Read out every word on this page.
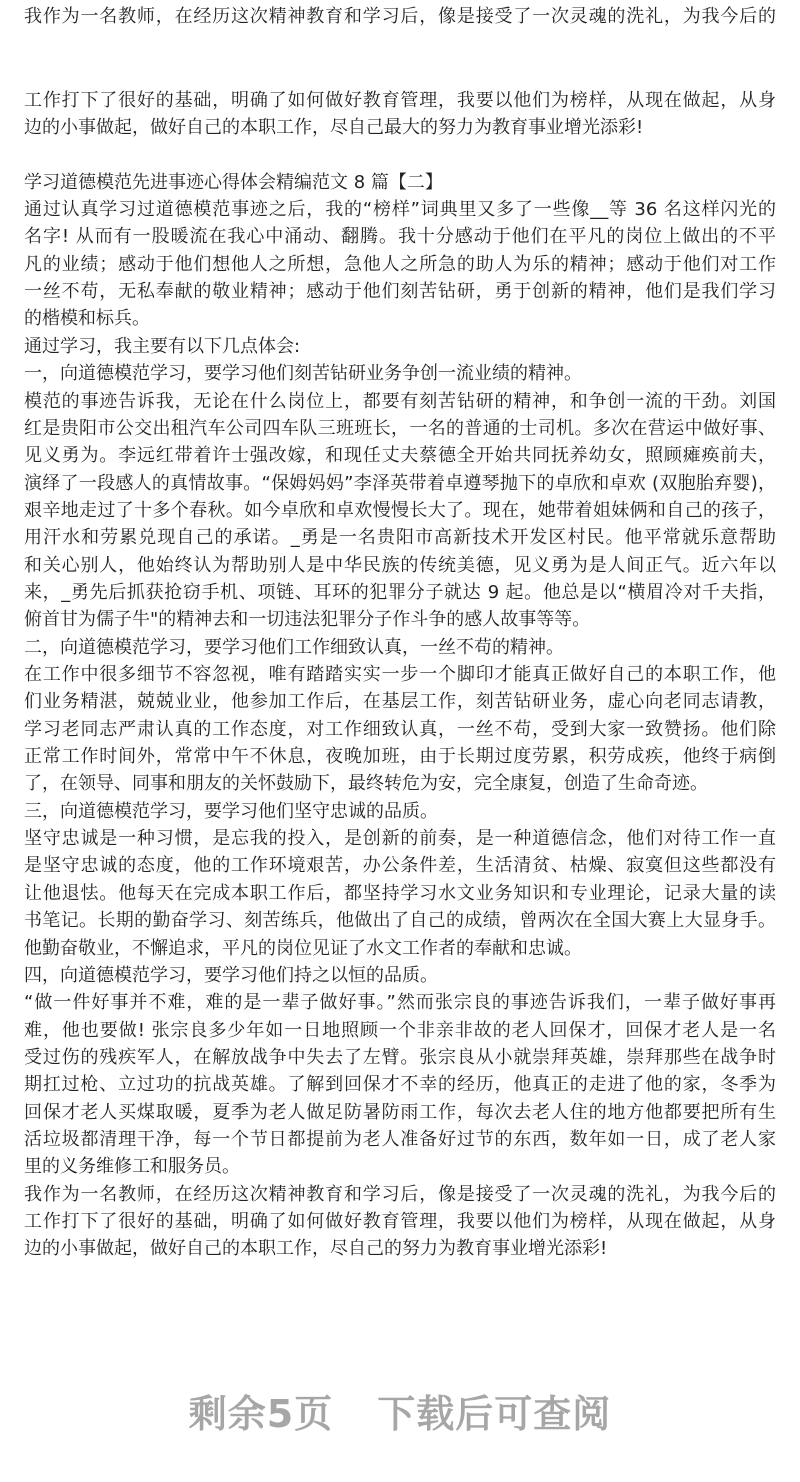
我作为一名教师，在经历这次精神教育和学习后，像是接受了一次灵魂的洗礼，为我今后的
工作打下了很好的基础，明确了如何做好教育管理，我要以他们为榜样，从现在做起，从身
边的小事做起，做好自己的本职工作，尽自己最大的努力为教育事业增光添彩!
学习道德模范先进事迹心得体会精编范文 8 篇【二】
通过认真学习过道德模范事迹之后，我的“榜样”词典里又多了一些像__等 36 名这样闪光的
名字! 从而有一股暖流在我心中涌动、翻腾。我十分感动于他们在平凡的岗位上做出的不平
凡的业绩；感动于他们想他人之所想，急他人之所急的助人为乐的精神；感动于他们对工作
一丝不苟，无私奉献的敬业精神；感动于他们刻苦钻研，勇于创新的精神，他们是我们学习
的楷模和标兵。
通过学习，我主要有以下几点体会:
一，向道德模范学习，要学习他们刻苦钻研业务争创一流业绩的精神。
模范的事迹告诉我，无论在什么岗位上，都要有刻苦钻研的精神，和争创一流的干劲。刘国
红是贵阳市公交出租汽车公司四车队三班班长，一名的普通的士司机。多次在营运中做好事、
见义勇为。李远红带着许士强改嫁，和现任丈夫蔡德全开始共同抚养幼女，照顾瘫痪前夫，
演绎了一段感人的真情故事。“保姆妈妈”李泽英带着卓遵琴抛下的卓欣和卓欢 (双胞胎弃婴)，
艰辛地走过了十多个春秋。如今卓欣和卓欢慢慢长大了。现在，她带着姐妹俩和自己的孩子，
用汗水和劳累兑现自己的承诺。_勇是一名贵阳市高新技术开发区村民。他平常就乐意帮助
和关心别人，他始终认为帮助别人是中华民族的传统美德，见义勇为是人间正气。近六年以
来，_勇先后抓获抢窃手机、项链、耳环的犯罪分子就达 9 起。他总是以“横眉冷对千夫指，
俯首甘为儒子牛"的精神去和一切违法犯罪分子作斗争的感人故事等等。
二，向道德模范学习，要学习他们工作细致认真，一丝不苟的精神。
在工作中很多细节不容忽视，唯有踏踏实实一步一个脚印才能真正做好自己的本职工作，他
们业务精湛，兢兢业业，他参加工作后，在基层工作，刻苦钻研业务，虚心向老同志请教，
学习老同志严肃认真的工作态度，对工作细致认真，一丝不苟，受到大家一致赞扬。他们除
正常工作时间外，常常中午不休息，夜晚加班，由于长期过度劳累，积劳成疾，他终于病倒
了，在领导、同事和朋友的关怀鼓励下，最终转危为安，完全康复，创造了生命奇迹。
三，向道德模范学习，要学习他们坚守忠诚的品质。
坚守忠诚是一种习惯，是忘我的投入，是创新的前奏，是一种道德信念，他们对待工作一直
是坚守忠诚的态度，他的工作环境艰苦，办公条件差，生活清贫、枯燥、寂寞但这些都没有
让他退怯。他每天在完成本职工作后，都坚持学习水文业务知识和专业理论，记录大量的读
书笔记。长期的勤奋学习、刻苦练兵，他做出了自己的成绩，曾两次在全国大赛上大显身手。
他勤奋敬业，不懈追求，平凡的岗位见证了水文工作者的奉献和忠诚。
四，向道德模范学习，要学习他们持之以恒的品质。
“做一件好事并不难，难的是一辈子做好事。”然而张宗良的事迹告诉我们，一辈子做好事再
难，他也要做! 张宗良多少年如一日地照顾一个非亲非故的老人回保才，回保才老人是一名
受过伤的残疾军人，在解放战争中失去了左臂。张宗良从小就崇拜英雄，崇拜那些在战争时
期扛过枪、立过功的抗战英雄。了解到回保才不幸的经历，他真正的走进了他的家，冬季为
回保才老人买煤取暖，夏季为老人做足防暑防雨工作，每次去老人住的地方他都要把所有生
活垃圾都清理干净，每一个节日都提前为老人准备好过节的东西，数年如一日，成了老人家
里的义务维修工和服务员。
我作为一名教师，在经历这次精神教育和学习后，像是接受了一次灵魂的洗礼，为我今后的
工作打下了很好的基础，明确了如何做好教育管理，我要以他们为榜样，从现在做起，从身
边的小事做起，做好自己的本职工作，尽自己的努力为教育事业增光添彩!
剩余5页 下载后可查阅
